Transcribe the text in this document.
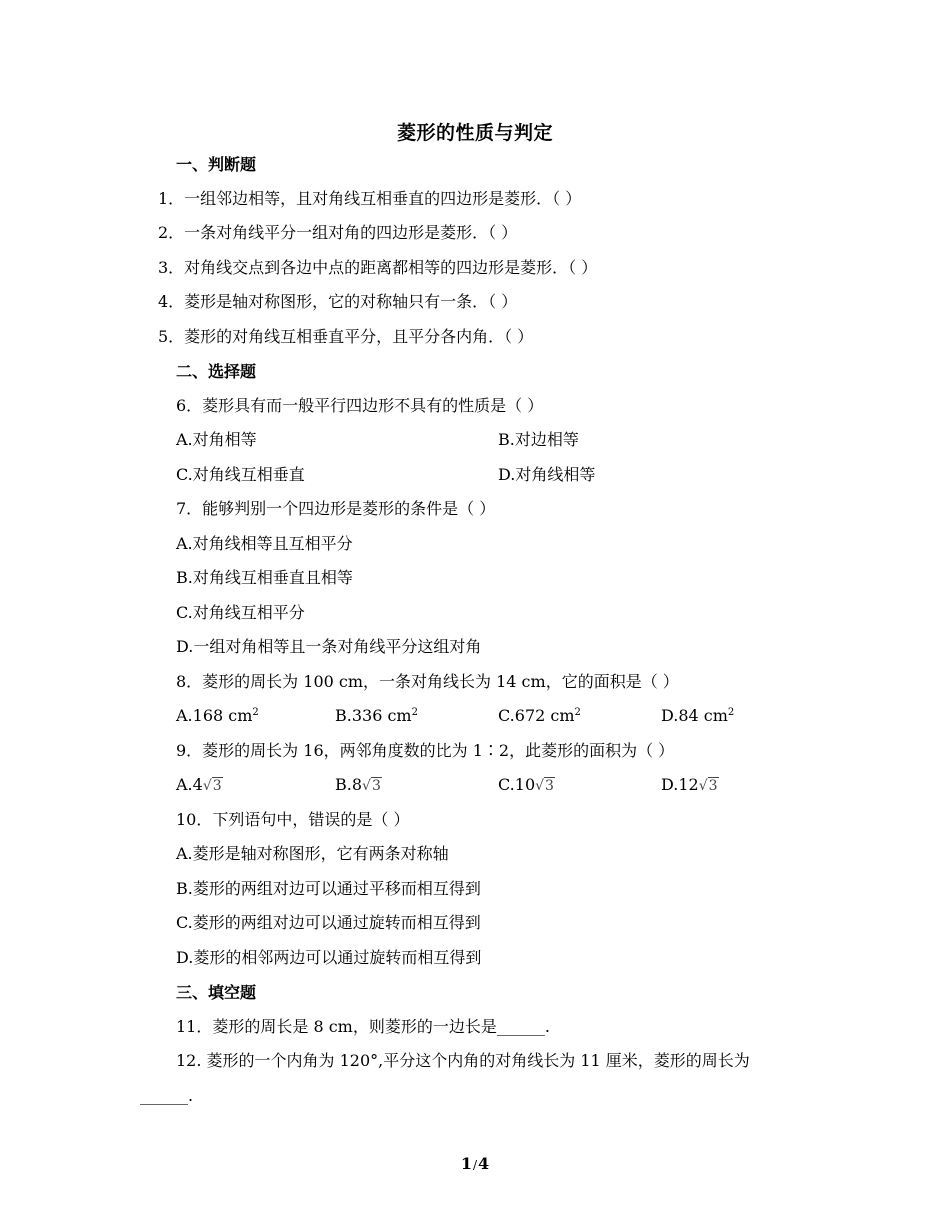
菱形的性质与判定
一、判断题
1．一组邻边相等，且对角线互相垂直的四边形是菱形．（ ）
2．一条对角线平分一组对角的四边形是菱形．（ ）
3．对角线交点到各边中点的距离都相等的四边形是菱形．（ ）
4．菱形是轴对称图形，它的对称轴只有一条．（ ）
5．菱形的对角线互相垂直平分，且平分各内角．（ ）
二、选择题
6．菱形具有而一般平行四边形不具有的性质是（ ）
A.对角相等	B.对边相等
C.对角线互相垂直	D.对角线相等
7．能够判别一个四边形是菱形的条件是（ ）
A.对角线相等且互相平分
B.对角线互相垂直且相等
C.对角线互相平分
D.一组对角相等且一条对角线平分这组对角
8．菱形的周长为 100 cm，一条对角线长为 14 cm，它的面积是（ ）
A.168 $cm^2$	B.336 $cm^2$	C.672 $cm^2$	D.84 $cm^2$
9．菱形的周长为 16，两邻角度数的比为 1∶2，此菱形的面积为（ ）
A.4√3	B.8√3	C.10√3	D.12√3
10．下列语句中，错误的是（ ）
A.菱形是轴对称图形，它有两条对称轴
B.菱形的两组对边可以通过平移而相互得到
C.菱形的两组对边可以通过旋转而相互得到
D.菱形的相邻两边可以通过旋转而相互得到
三、填空题
11．菱形的周长是 8 cm，则菱形的一边长是______.
12. 菱形的一个内角为 120°,平分这个内角的对角线长为 11 厘米，菱形的周长为
______.
1/4
